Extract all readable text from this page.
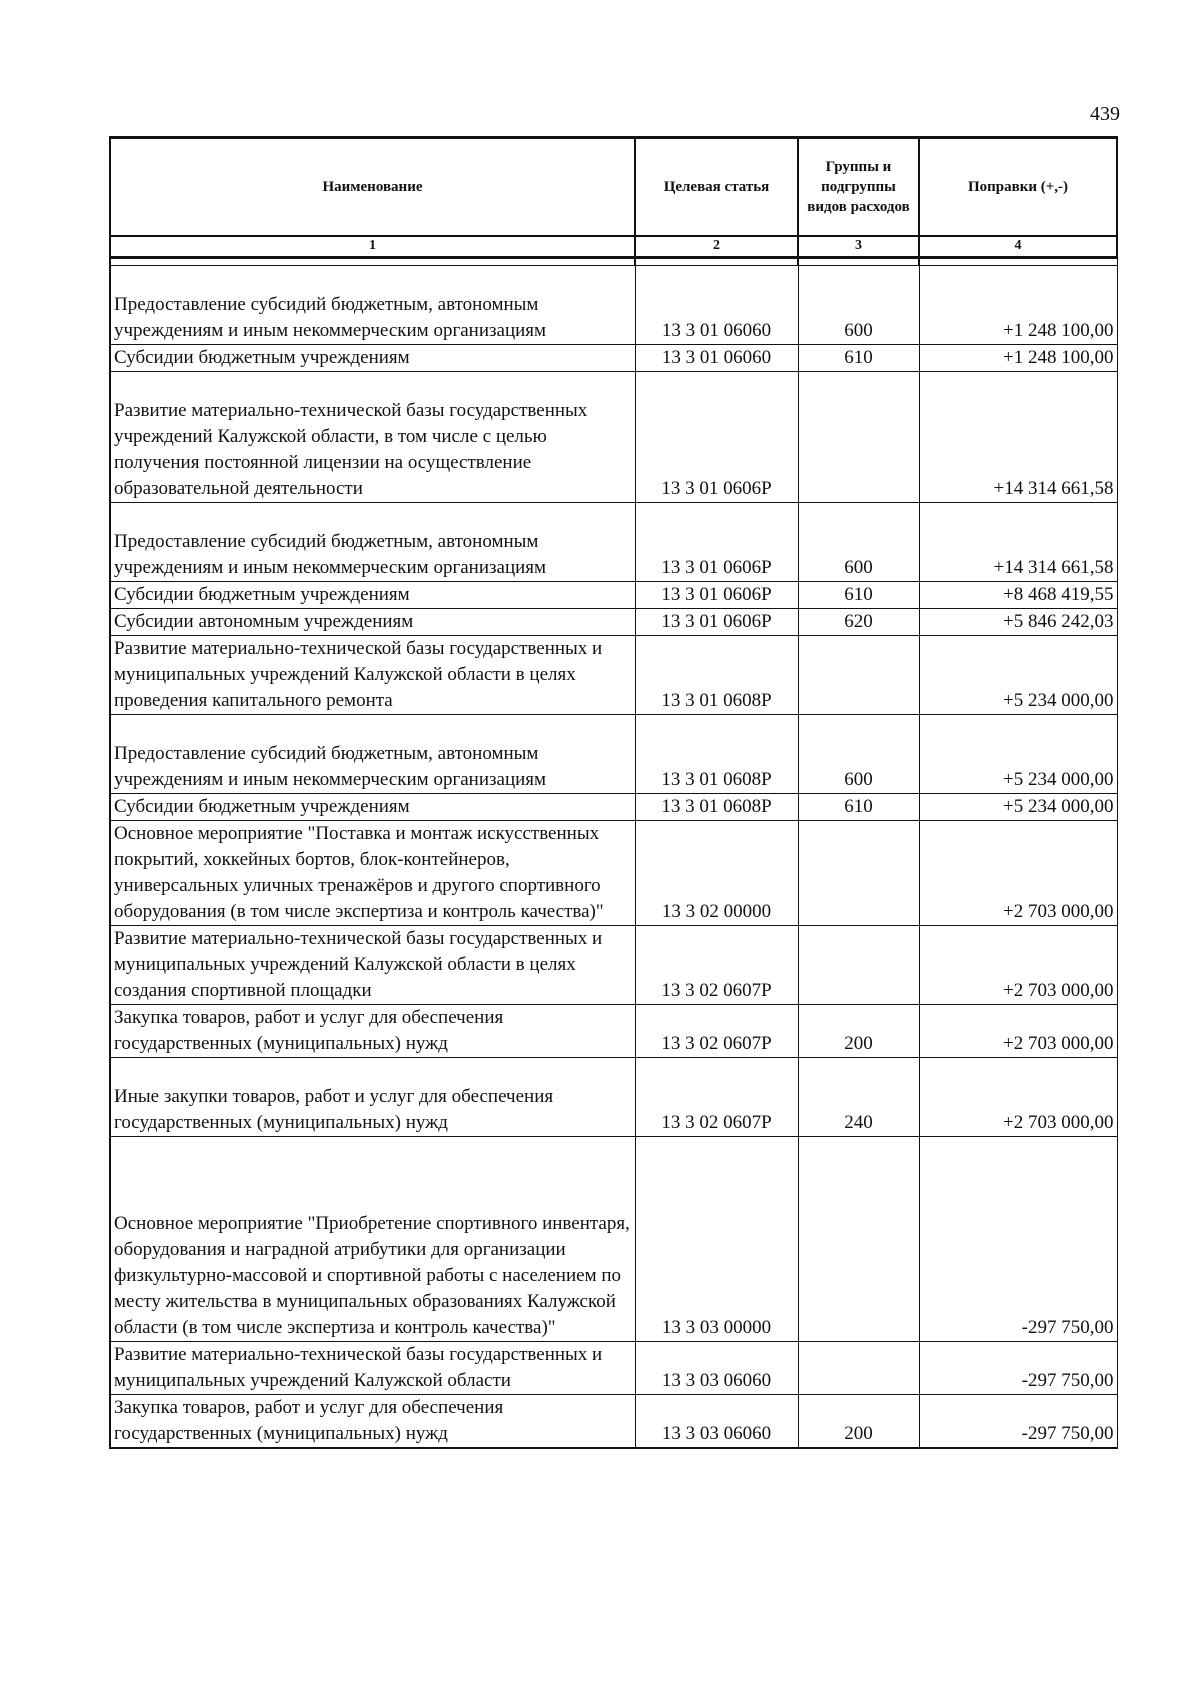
439
Наименование	Целевая статья	Группы и подгруппы видов расходов	Поправки (+,-)
1	2	3	4

Предоставление субсидий бюджетным, автономным учреждениям и иным некоммерческим организациям	13 3 01 06060	600	+1 248 100,00
Субсидии бюджетным учреждениям	13 3 01 06060	610	+1 248 100,00
Развитие материально-технической базы государственных учреждений Калужской области, в том числе с целью получения постоянной лицензии на осуществление образовательной деятельности	13 3 01 0606Р		+14 314 661,58
Предоставление субсидий бюджетным, автономным учреждениям и иным некоммерческим организациям	13 3 01 0606Р	600	+14 314 661,58
Субсидии бюджетным учреждениям	13 3 01 0606Р	610	+8 468 419,55
Субсидии автономным учреждениям	13 3 01 0606Р	620	+5 846 242,03
Развитие материально-технической базы государственных и муниципальных учреждений Калужской области в целях проведения капитального ремонта	13 3 01 0608Р		+5 234 000,00
Предоставление субсидий бюджетным, автономным учреждениям и иным некоммерческим организациям	13 3 01 0608Р	600	+5 234 000,00
Субсидии бюджетным учреждениям	13 3 01 0608Р	610	+5 234 000,00
Основное мероприятие "Поставка и монтаж искусственных покрытий, хоккейных бортов, блок-контейнеров, универсальных уличных тренажёров и другого спортивного оборудования (в том числе экспертиза и контроль качества)"	13 3 02 00000		+2 703 000,00
Развитие материально-технической базы государственных и муниципальных учреждений Калужской области в целях создания спортивной площадки	13 3 02 0607Р		+2 703 000,00
Закупка товаров, работ и услуг для обеспечения государственных (муниципальных) нужд	13 3 02 0607Р	200	+2 703 000,00
Иные закупки товаров, работ и услуг для обеспечения государственных (муниципальных) нужд	13 3 02 0607Р	240	+2 703 000,00
Основное мероприятие "Приобретение спортивного инвентаря, оборудования и наградной атрибутики для организации физкультурно-массовой и спортивной работы с населением по месту жительства в муниципальных образованиях Калужской области (в том числе экспертиза и контроль качества)"	13 3 03 00000		-297 750,00
Развитие материально-технической базы государственных и муниципальных учреждений Калужской области	13 3 03 06060		-297 750,00
Закупка товаров, работ и услуг для обеспечения государственных (муниципальных) нужд	13 3 03 06060	200	-297 750,00
